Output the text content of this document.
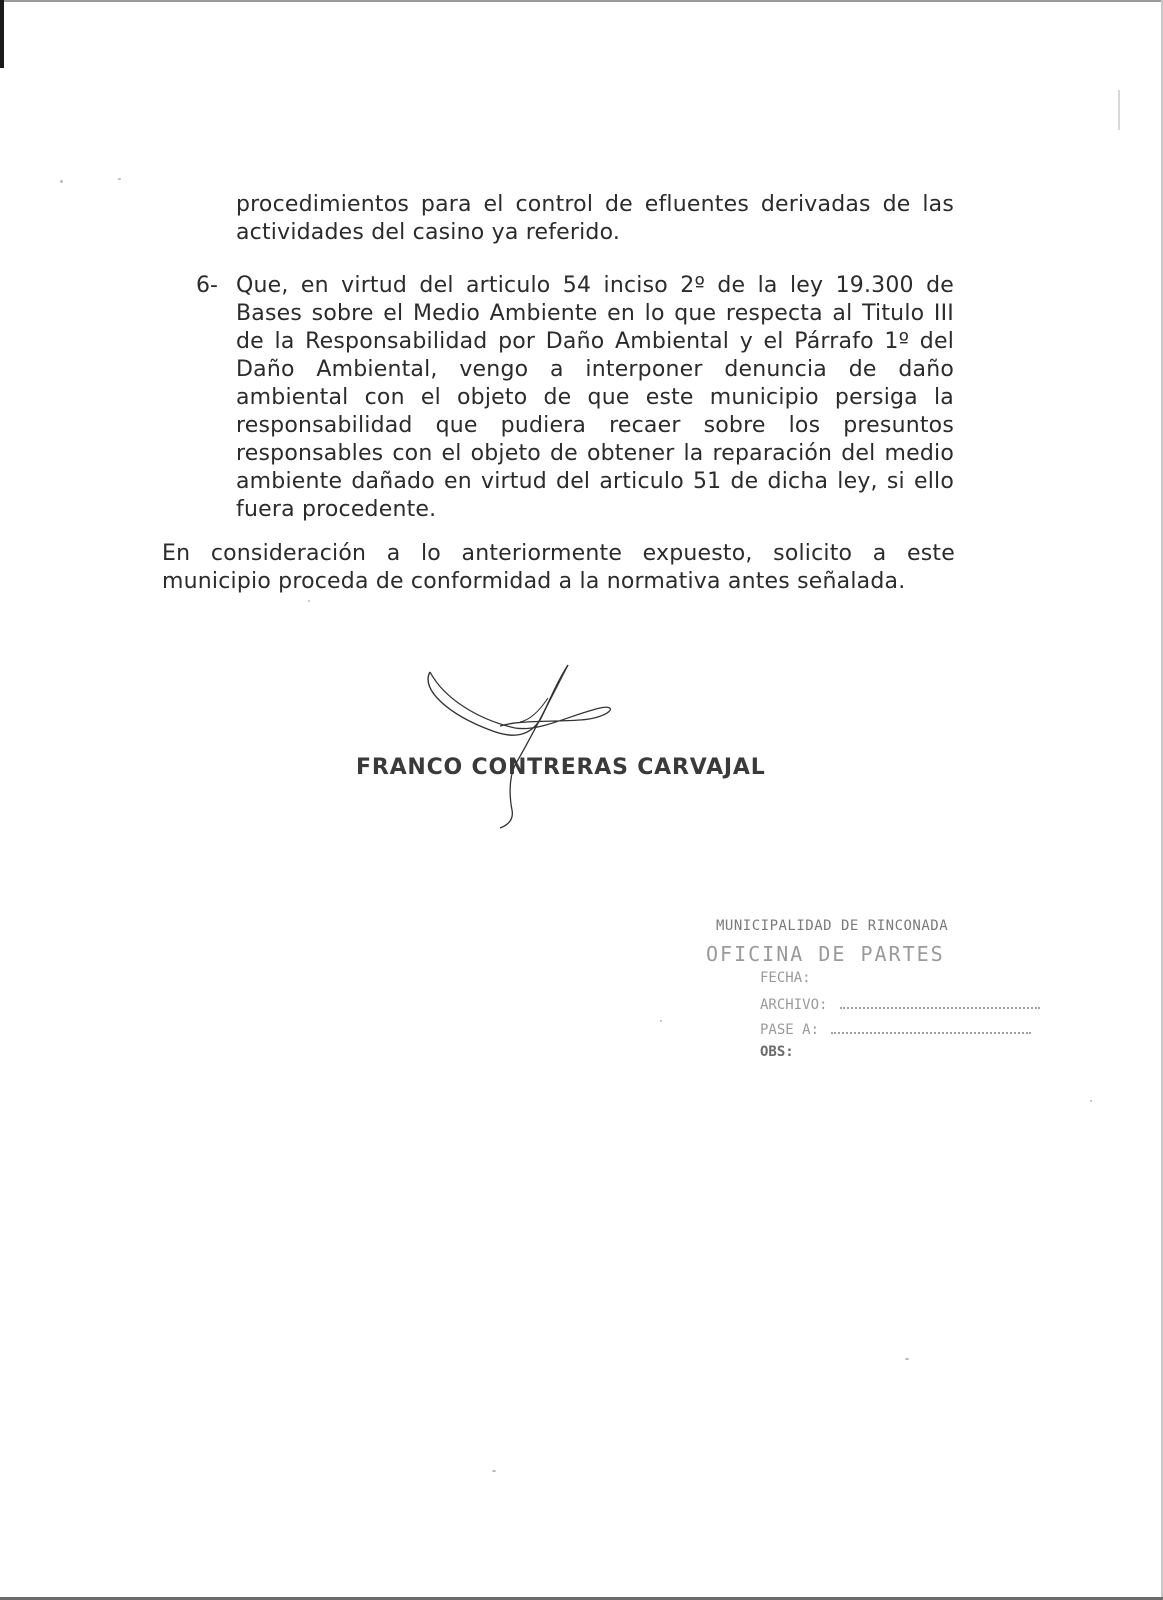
procedimientos para el control de efluentes derivadas de las actividades del casino ya referido.

6- Que, en virtud del articulo 54 inciso 2º de la ley 19.300 de Bases sobre el Medio Ambiente en lo que respecta al Titulo III de la Responsabilidad por Daño Ambiental y el Párrafo 1º del Daño Ambiental, vengo a interponer denuncia de daño ambiental con el objeto de que este municipio persiga la responsabilidad que pudiera recaer sobre los presuntos responsables con el objeto de obtener la reparación del medio ambiente dañado en virtud del articulo 51 de dicha ley, si ello fuera procedente.

En consideración a lo anteriormente expuesto, solicito a este municipio proceda de conformidad a la normativa antes señalada.

FRANCO CONTRERAS CARVAJAL
MUNICIPALIDAD DE RINCONADA
OFICINA DE PARTES
FECHA:
ARCHIVO:
PASE A:
OBS:
